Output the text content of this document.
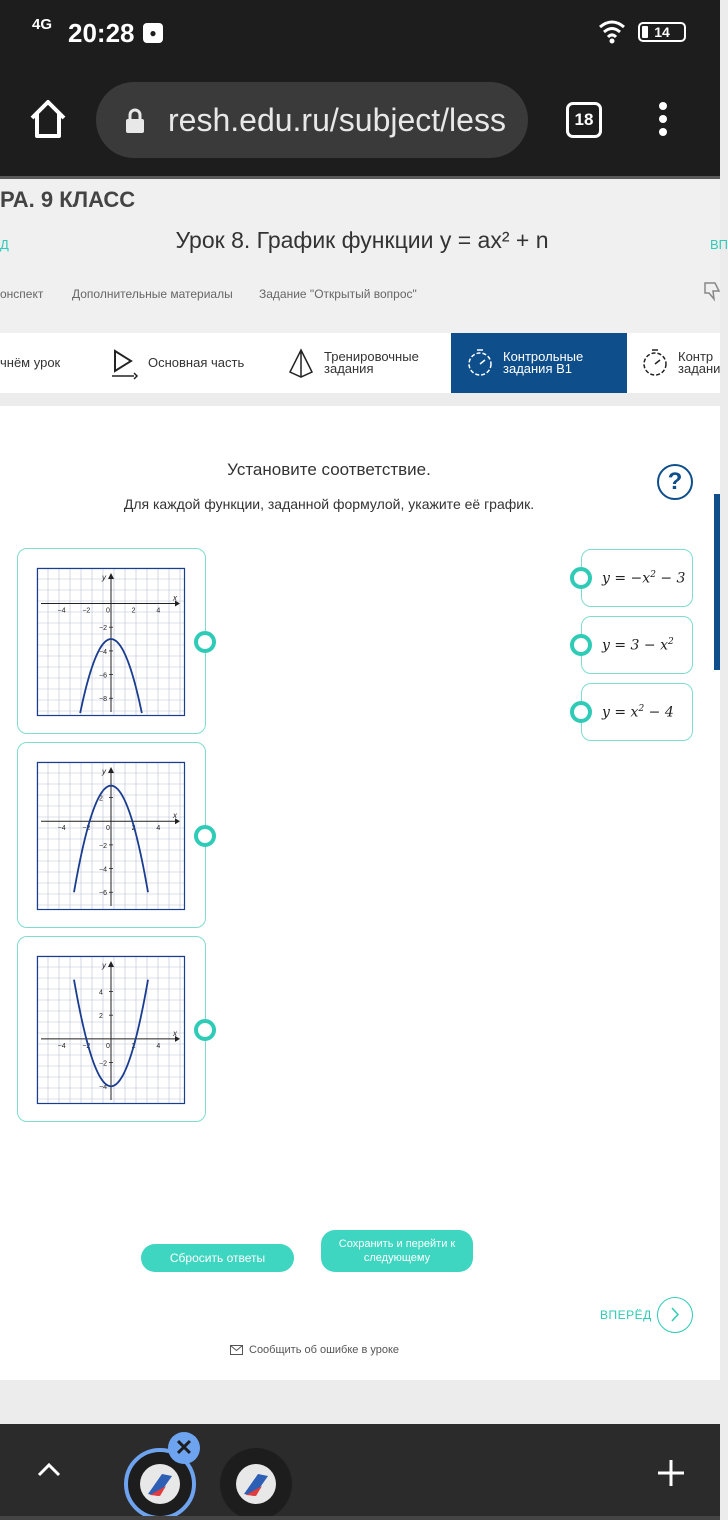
4G 20:28	●	14
resh.edu.ru/subject/less	18
РА. 9 КЛАСС
Д	Урок 8. График функции y = ax² + n	ВП
онспект Дополнительные материалы Задание "Открытый вопрос"
чнём урок	Основная часть	Тренировочные задания
Контрольные задания В1
Контр задани
Установите соответствие.
Для каждой функции, заданной формулой, укажите её график.
?
x
y
−4 −2 0	2	4
−2
−4
−6
−8
x
y
−4 −2 0	2	4
2
−2
−4
−6
x
y
−4 −2 0	2	4
4
2
−2
−4
$y = -x^2 - 3$
$y = 3 - x^2$
$y = x^2 - 4$
Сбросить ответы
Сохранить и перейти к следующему
ВПЕРЁД
Сообщить об ошибке в уроке
✕
